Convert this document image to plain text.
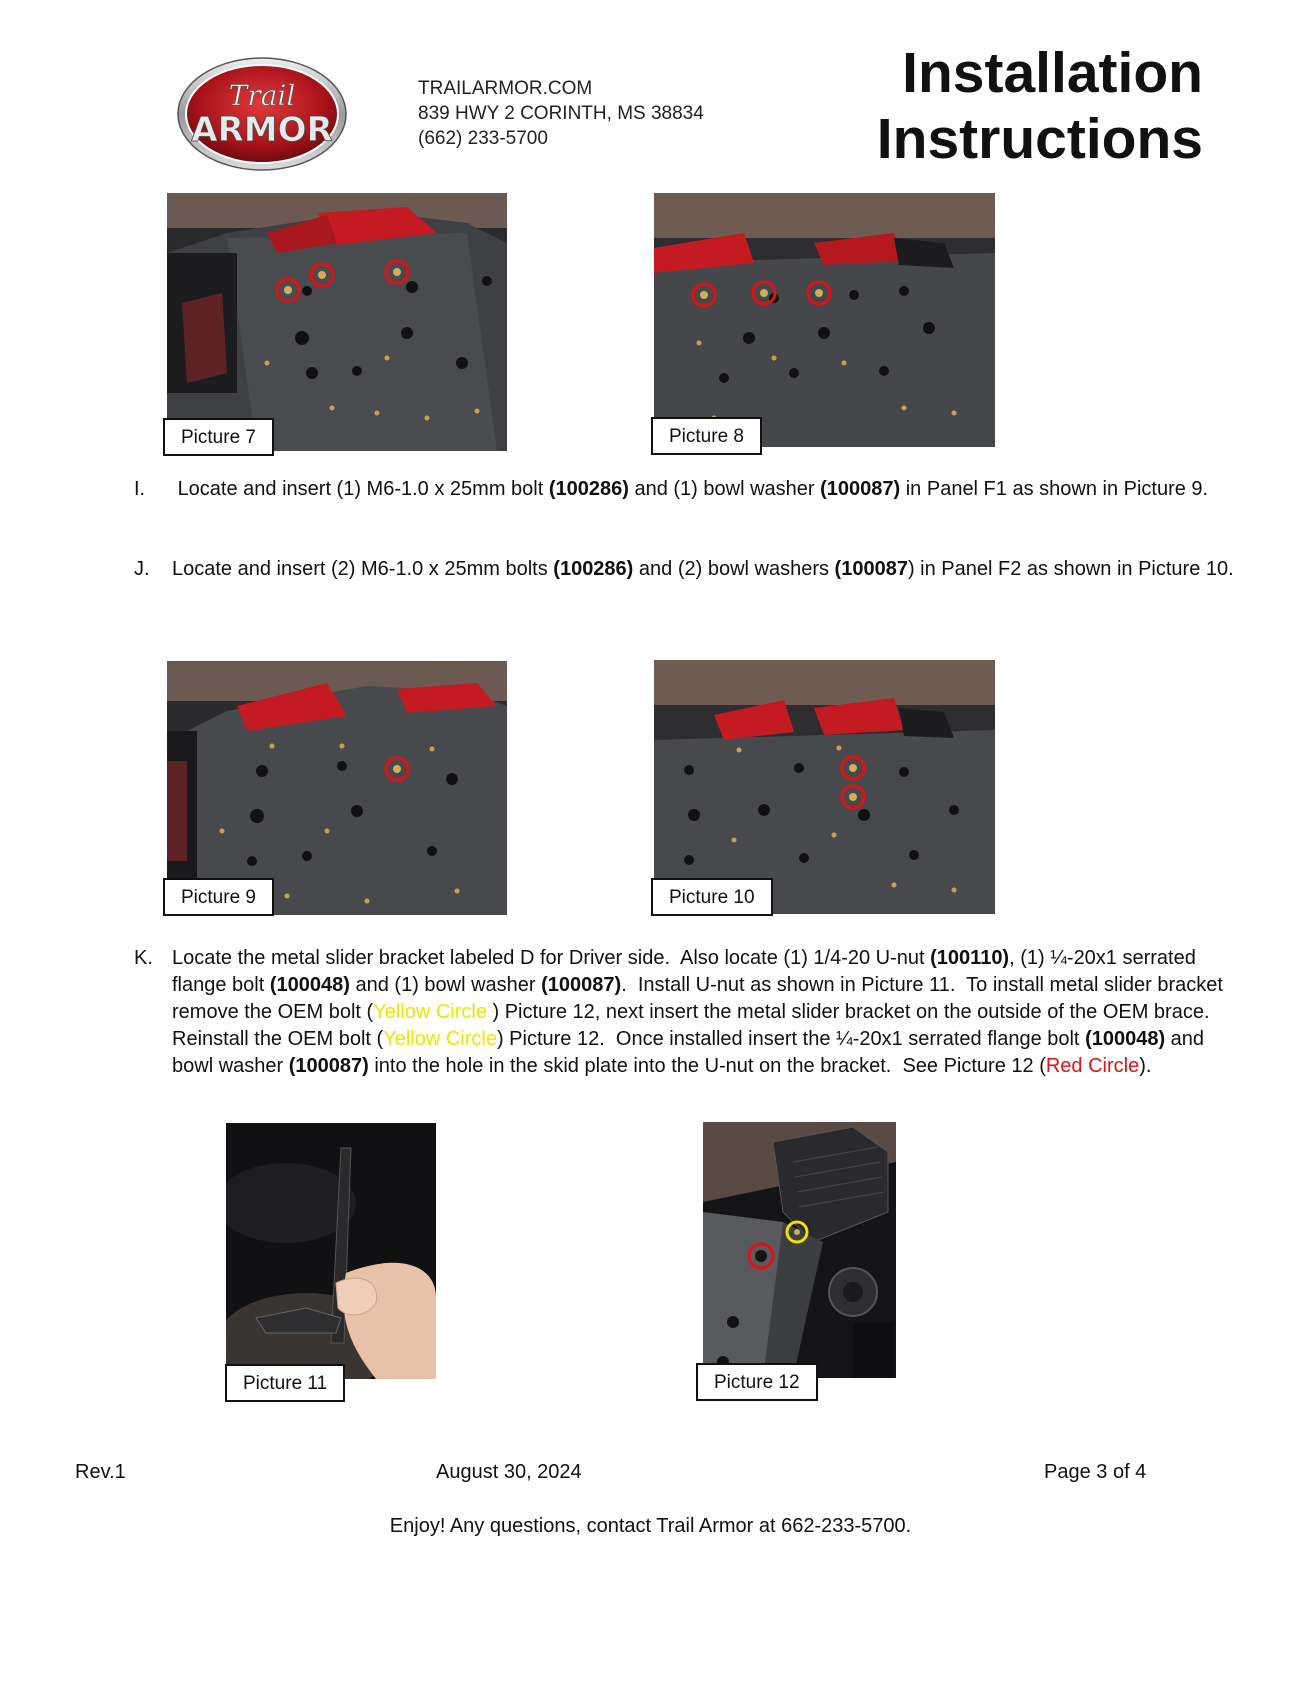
Trail
ARMOR
TRAILARMOR.COM
839 HWY 2 CORINTH, MS 38834
(662) 233-5700
Installation
Instructions
Picture 7	Picture 8
I. Locate and insert (1) M6-1.0 x 25mm bolt (100286) and (1) bowl washer (100087) in Panel F1 as shown in Picture 9.
J. Locate and insert (2) M6-1.0 x 25mm bolts (100286) and (2) bowl washers (100087) in Panel F2 as shown in Picture 10.
Picture 9	Picture 10
K. Locate the metal slider bracket labeled D for Driver side.  Also locate (1) 1/4-20 U-nut (100110), (1) ¼-20x1 serrated flange bolt (100048) and (1) bowl washer (100087).  Install U-nut as shown in Picture 11.  To install metal slider bracket remove the OEM bolt (Yellow Circle ) Picture 12, next insert the metal slider bracket on the outside of the OEM brace.  Reinstall the OEM bolt (Yellow Circle) Picture 12.  Once installed insert the ¼-20x1 serrated flange bolt (100048) and bowl washer (100087) into the hole in the skid plate into the U-nut on the bracket.  See Picture 12 (Red Circle).
Picture 11	Picture 12
Rev.1	August 30, 2024	Page 3 of 4
Enjoy! Any questions, contact Trail Armor at 662-233-5700.
